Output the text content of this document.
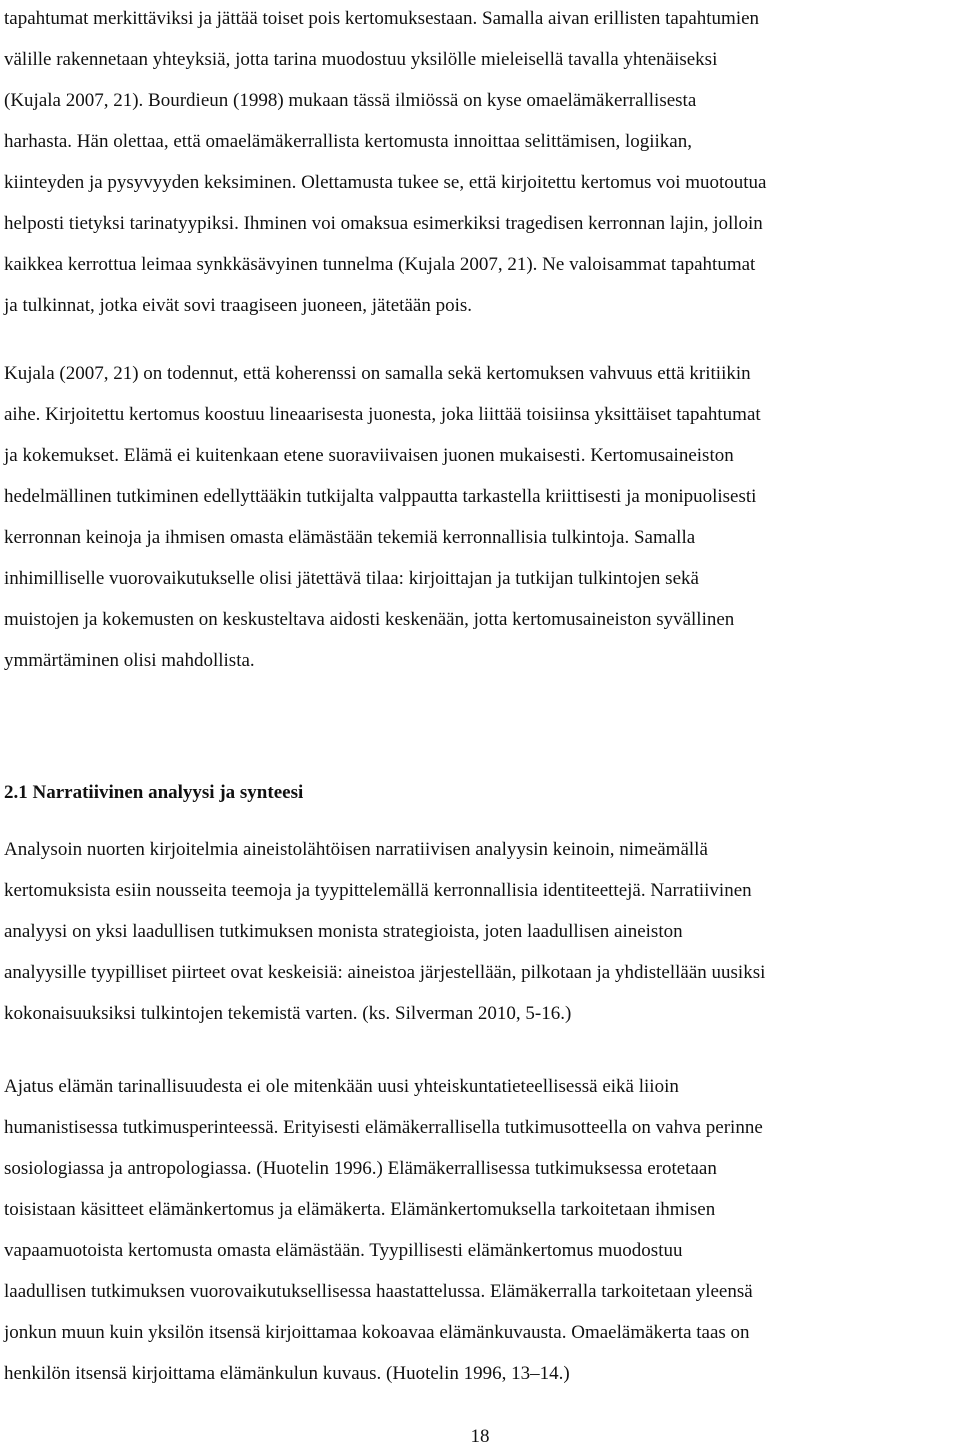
tapahtumat merkittäviksi ja jättää toiset pois kertomuksestaan. Samalla aivan erillisten tapahtumien
välille rakennetaan yhteyksiä, jotta tarina muodostuu yksilölle mieleisellä tavalla yhtenäiseksi
(Kujala 2007, 21). Bourdieun (1998) mukaan tässä ilmiössä on kyse omaelämäkerrallisesta
harhasta. Hän olettaa, että omaelämäkerrallista kertomusta innoittaa selittämisen, logiikan,
kiinteyden ja pysyvyyden keksiminen. Olettamusta tukee se, että kirjoitettu kertomus voi muotoutua
helposti tietyksi tarinatyypiksi. Ihminen voi omaksua esimerkiksi tragedisen kerronnan lajin, jolloin
kaikkea kerrottua leimaa synkkäsävyinen tunnelma (Kujala 2007, 21). Ne valoisammat tapahtumat
ja tulkinnat, jotka eivät sovi traagiseen juoneen, jätetään pois.
Kujala (2007, 21) on todennut, että koherenssi on samalla sekä kertomuksen vahvuus että kritiikin
aihe. Kirjoitettu kertomus koostuu lineaarisesta juonesta, joka liittää toisiinsa yksittäiset tapahtumat
ja kokemukset. Elämä ei kuitenkaan etene suoraviivaisen juonen mukaisesti. Kertomusaineiston
hedelmällinen tutkiminen edellyttääkin tutkijalta valppautta tarkastella kriittisesti ja monipuolisesti
kerronnan keinoja ja ihmisen omasta elämästään tekemiä kerronnallisia tulkintoja. Samalla
inhimilliselle vuorovaikutukselle olisi jätettävä tilaa: kirjoittajan ja tutkijan tulkintojen sekä
muistojen ja kokemusten on keskusteltava aidosti keskenään, jotta kertomusaineiston syvällinen
ymmärtäminen olisi mahdollista.
2.1 Narratiivinen analyysi ja synteesi
Analysoin nuorten kirjoitelmia aineistolähtöisen narratiivisen analyysin keinoin, nimeämällä
kertomuksista esiin nousseita teemoja ja tyypittelemällä kerronnallisia identiteettejä. Narratiivinen
analyysi on yksi laadullisen tutkimuksen monista strategioista, joten laadullisen aineiston
analyysille tyypilliset piirteet ovat keskeisiä: aineistoa järjestellään, pilkotaan ja yhdistellään uusiksi
kokonaisuuksiksi tulkintojen tekemistä varten. (ks. Silverman 2010, 5-16.)
Ajatus elämän tarinallisuudesta ei ole mitenkään uusi yhteiskuntatieteellisessä eikä liioin
humanistisessa tutkimusperinteessä. Erityisesti elämäkerrallisella tutkimusotteella on vahva perinne
sosiologiassa ja antropologiassa. (Huotelin 1996.) Elämäkerrallisessa tutkimuksessa erotetaan
toisistaan käsitteet elämänkertomus ja elämäkerta. Elämänkertomuksella tarkoitetaan ihmisen
vapaamuotoista kertomusta omasta elämästään. Tyypillisesti elämänkertomus muodostuu
laadullisen tutkimuksen vuorovaikutuksellisessa haastattelussa. Elämäkerralla tarkoitetaan yleensä
jonkun muun kuin yksilön itsensä kirjoittamaa kokoavaa elämänkuvausta. Omaelämäkerta taas on
henkilön itsensä kirjoittama elämänkulun kuvaus. (Huotelin 1996, 13–14.)
18
